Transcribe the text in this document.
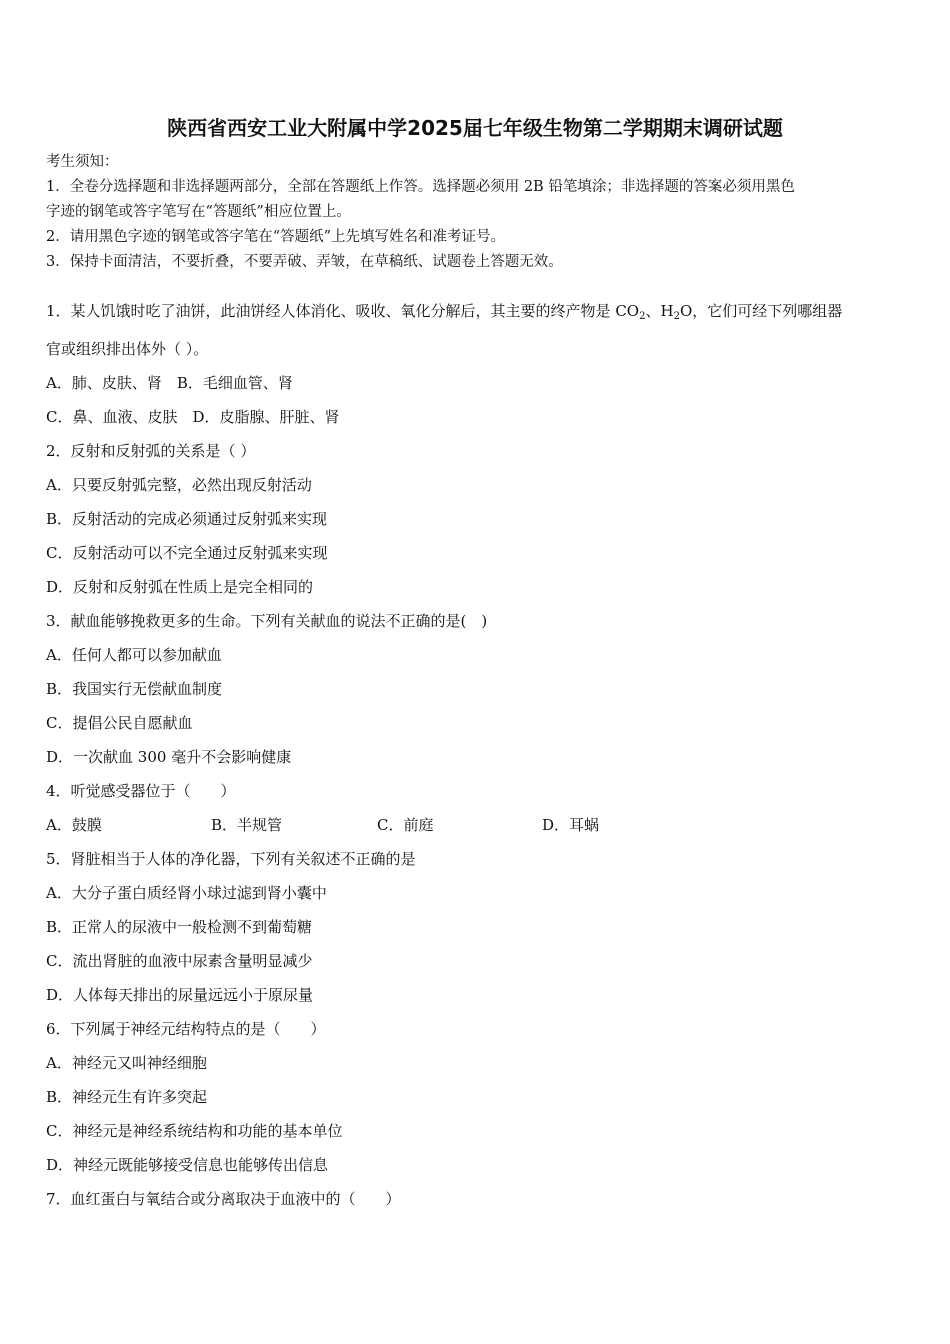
陕西省西安工业大附属中学2025届七年级生物第二学期期末调研试题
考生须知：
1．全卷分选择题和非选择题两部分，全部在答题纸上作答。选择题必须用 2B 铅笔填涂；非选择题的答案必须用黑色
字迹的钢笔或答字笔写在“答题纸”相应位置上。
2．请用黑色字迹的钢笔或答字笔在“答题纸”上先填写姓名和准考证号。
3．保持卡面清洁，不要折叠，不要弄破、弄皱，在草稿纸、试题卷上答题无效。
1．某人饥饿时吃了油饼，此油饼经人体消化、吸收、氧化分解后，其主要的终产物是 $CO_2$、$H_2O$，它们可经下列哪组器
官或组织排出体外（ ）。
A．肺、皮肤、肾　B．毛细血管、肾
C．鼻、血液、皮肤　D．皮脂腺、肝脏、肾
2．反射和反射弧的关系是（ ）
A．只要反射弧完整，必然出现反射活动
B．反射活动的完成必须通过反射弧来实现
C．反射活动可以不完全通过反射弧来实现
D．反射和反射弧在性质上是完全相同的
3．献血能够挽救更多的生命。下列有关献血的说法不正确的是(　)
A．任何人都可以参加献血
B．我国实行无偿献血制度
C．提倡公民自愿献血
D．一次献血 300 毫升不会影响健康
4．听觉感受器位于（　　）
A．鼓膜	B．半规管	C．前庭	D．耳蜗
5．肾脏相当于人体的净化器，下列有关叙述不正确的是
A．大分子蛋白质经肾小球过滤到肾小囊中
B．正常人的尿液中一般检测不到葡萄糖
C．流出肾脏的血液中尿素含量明显减少
D．人体每天排出的尿量远远小于原尿量
6．下列属于神经元结构特点的是（　　）
A．神经元又叫神经细胞
B．神经元生有许多突起
C．神经元是神经系统结构和功能的基本单位
D．神经元既能够接受信息也能够传出信息
7．血红蛋白与氧结合或分离取决于血液中的（　　）
